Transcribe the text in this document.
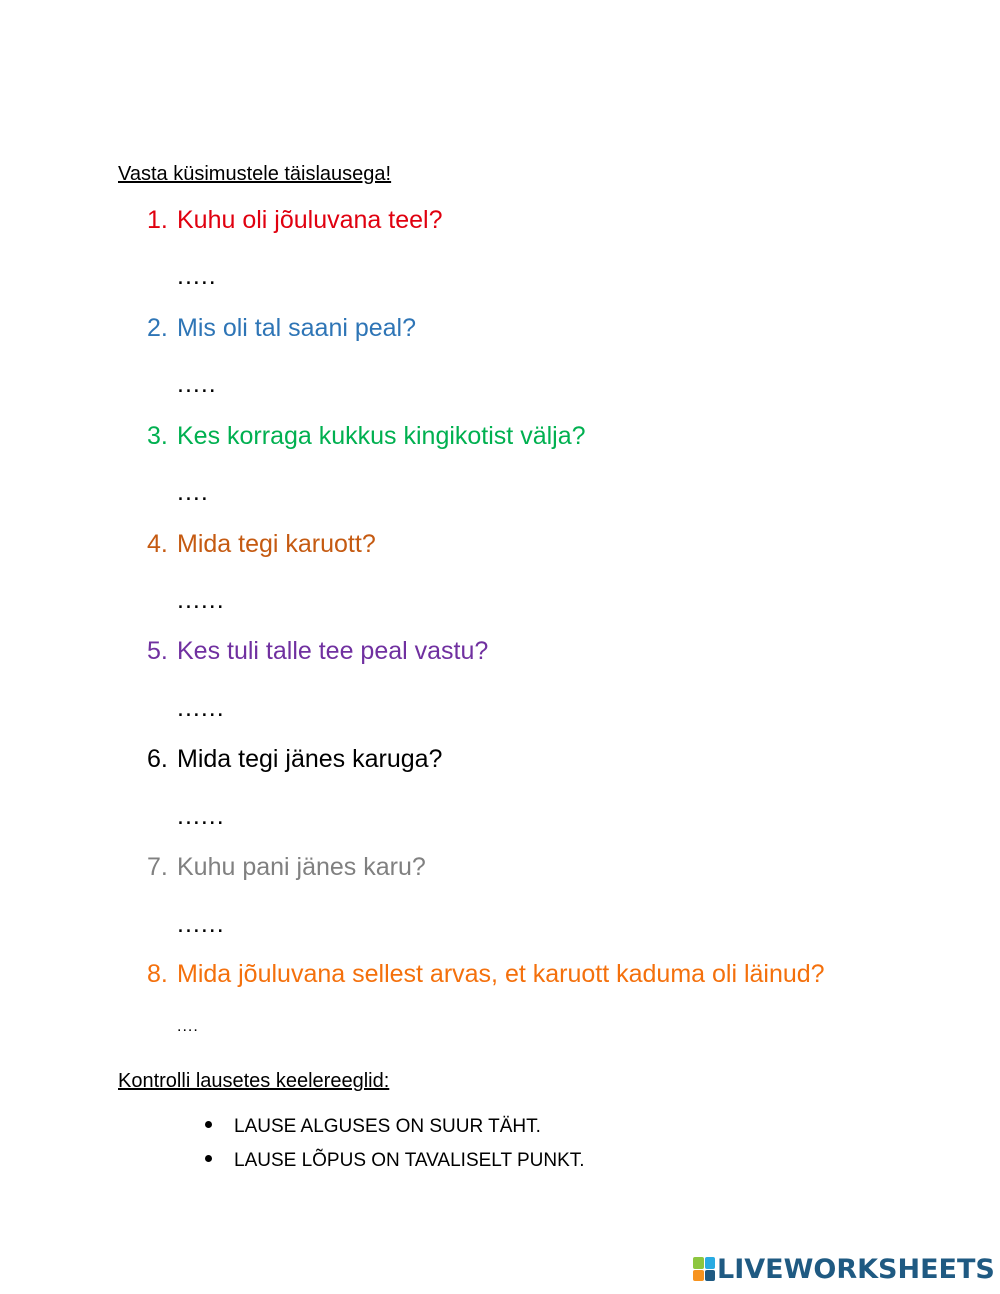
Vasta küsimustele täislausega!
1. Kuhu oli jõuluvana teel?
.....
2. Mis oli tal saani peal?
.....
3. Kes korraga kukkus kingikotist välja?
....
4. Mida tegi karuott?
......
5. Kes tuli talle tee peal vastu?
......
6. Mida tegi jänes karuga?
......
7. Kuhu pani jänes karu?
......
8. Mida jõuluvana sellest arvas, et karuott kaduma oli läinud?
....
Kontrolli lausetes keelereeglid:
LAUSE ALGUSES ON SUUR TÄHT.
LAUSE LÕPUS ON TAVALISELT PUNKT.
LIVEWORKSHEETS
